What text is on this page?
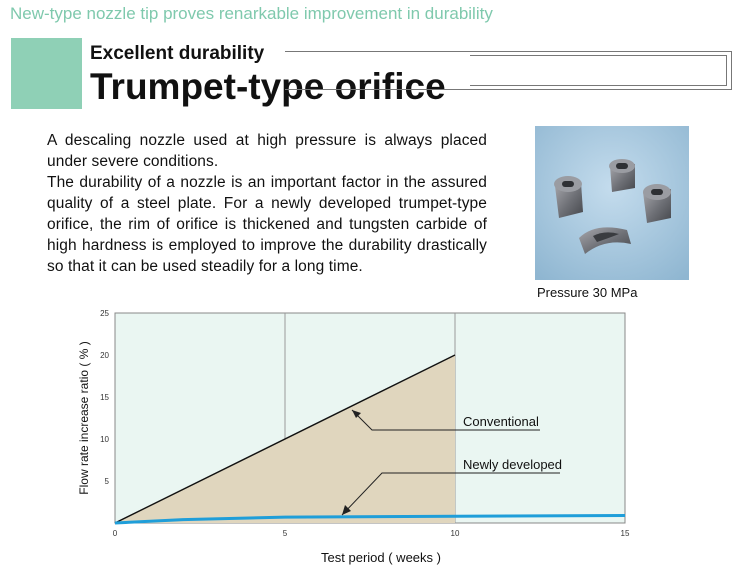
New-type nozzle tip proves renarkable improvement in durability
Excellent durability
Trumpet-type orifice

A descaling nozzle used at high pressure is always placed under severe conditions.

The durability of a nozzle is an important factor in the assured quality of a steel plate. For a newly developed trumpet-type orifice, the rim of orifice is thickened and tungsten carbide of high hardness is employed to improve the durability drastically so that it can be used steadily for a long time.

Pressure 30 MPa
0	5	10	15
5
10
15
20
25
Conventional
Newly developed
Test period ( weeks )
Flow rate increase ratio ( % )
